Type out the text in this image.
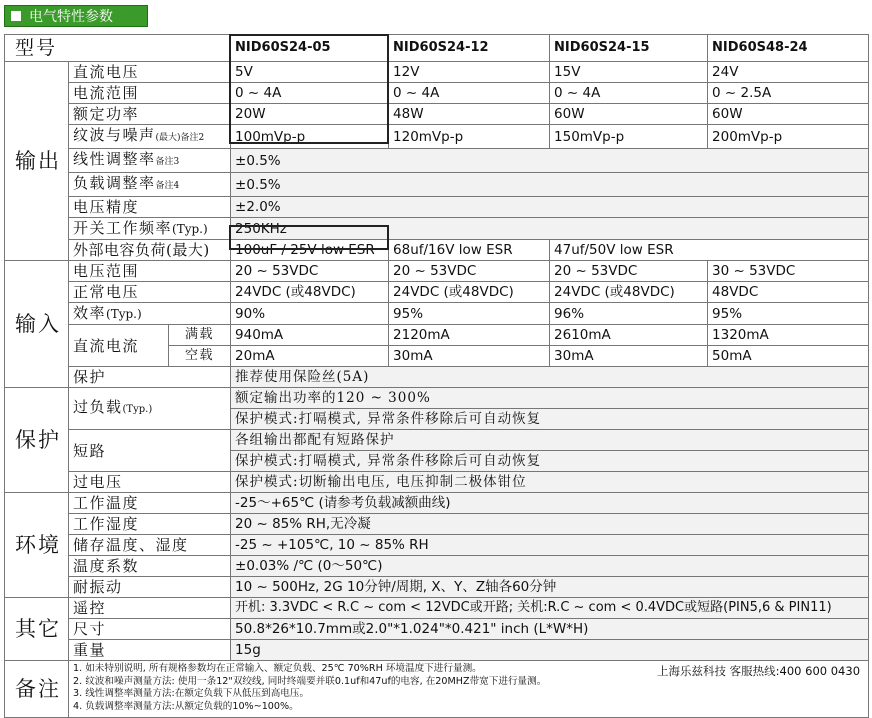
电气特性参数
型号			NID60S24-05	NID60S24-12	NID60S24-15	NID60S48-24
输出	直流电压		5V	12V	15V	24V
	电流范围		0 ~ 4A	0 ~ 4A	0 ~ 4A	0 ~ 2.5A
	额定功率		20W	48W	60W	60W
	纹波与噪声(最大)备注2		100mVp-p	120mVp-p	150mVp-p	200mVp-p
	线性调整率备注3		±0.5%			
	负载调整率备注4		±0.5%			
	电压精度		±2.0%			
	开关工作频率(Typ.)		250KHz			
	外部电容负荷(最大)		100uF / 25V low ESR	68uf/16V low ESR	47uf/50V low ESR	
输入	电压范围		20 ~ 53VDC	20 ~ 53VDC	20 ~ 53VDC	30 ~ 53VDC
	正常电压		24VDC (或48VDC)	24VDC (或48VDC)	24VDC (或48VDC)	48VDC
	效率(Typ.)		90%	95%	96%	95%
	直流电流	满载	940mA	2120mA	2610mA	1320mA
		空载	20mA	30mA	30mA	50mA
	保护		推荐使用保险丝(5A)			
保护	过负载(Typ.)		额定输出功率的120 ~ 300%			
			保护模式:打嗝模式, 异常条件移除后可自动恢复			
	短路		各组输出都配有短路保护			
			保护模式:打嗝模式, 异常条件移除后可自动恢复			
	过电压		保护模式:切断输出电压, 电压抑制二极体钳位			
环境	工作温度		-25～+65℃ (请参考负载减额曲线)			
	工作湿度		20 ~ 85% RH,无冷凝			
	储存温度、湿度		-25 ~ +105℃, 10 ~ 85% RH			
	温度系数		±0.03% /℃ (0～50℃)			
	耐振动		10 ~ 500Hz, 2G 10分钟/周期, X、Y、Z轴各60分钟			
其它	遥控		开机: 3.3VDC < R.C ~ com < 12VDC或开路; 关机:R.C ~ com < 0.4VDC或短路(PIN5,6 & PIN11)			
	尺寸		50.8*26*10.7mm或2.0"*1.024"*0.421" inch (L*W*H)			
	重量		15g			
备注	1. 如未特别说明, 所有规格参数均在正常输入、额定负载、25℃ 70%RH 环境温度下进行量测。
2. 纹波和噪声测量方法: 使用一条12"双绞线, 同时终端要并联0.1uf和47uf的电容, 在20MHZ带宽下进行量测。
3. 线性调整率测量方法:在额定负载下从低压到高电压。
4. 负载调整率测量方法:从额定负载的10%~100%。
上海乐兹科技 客服热线:400 600 0430					
